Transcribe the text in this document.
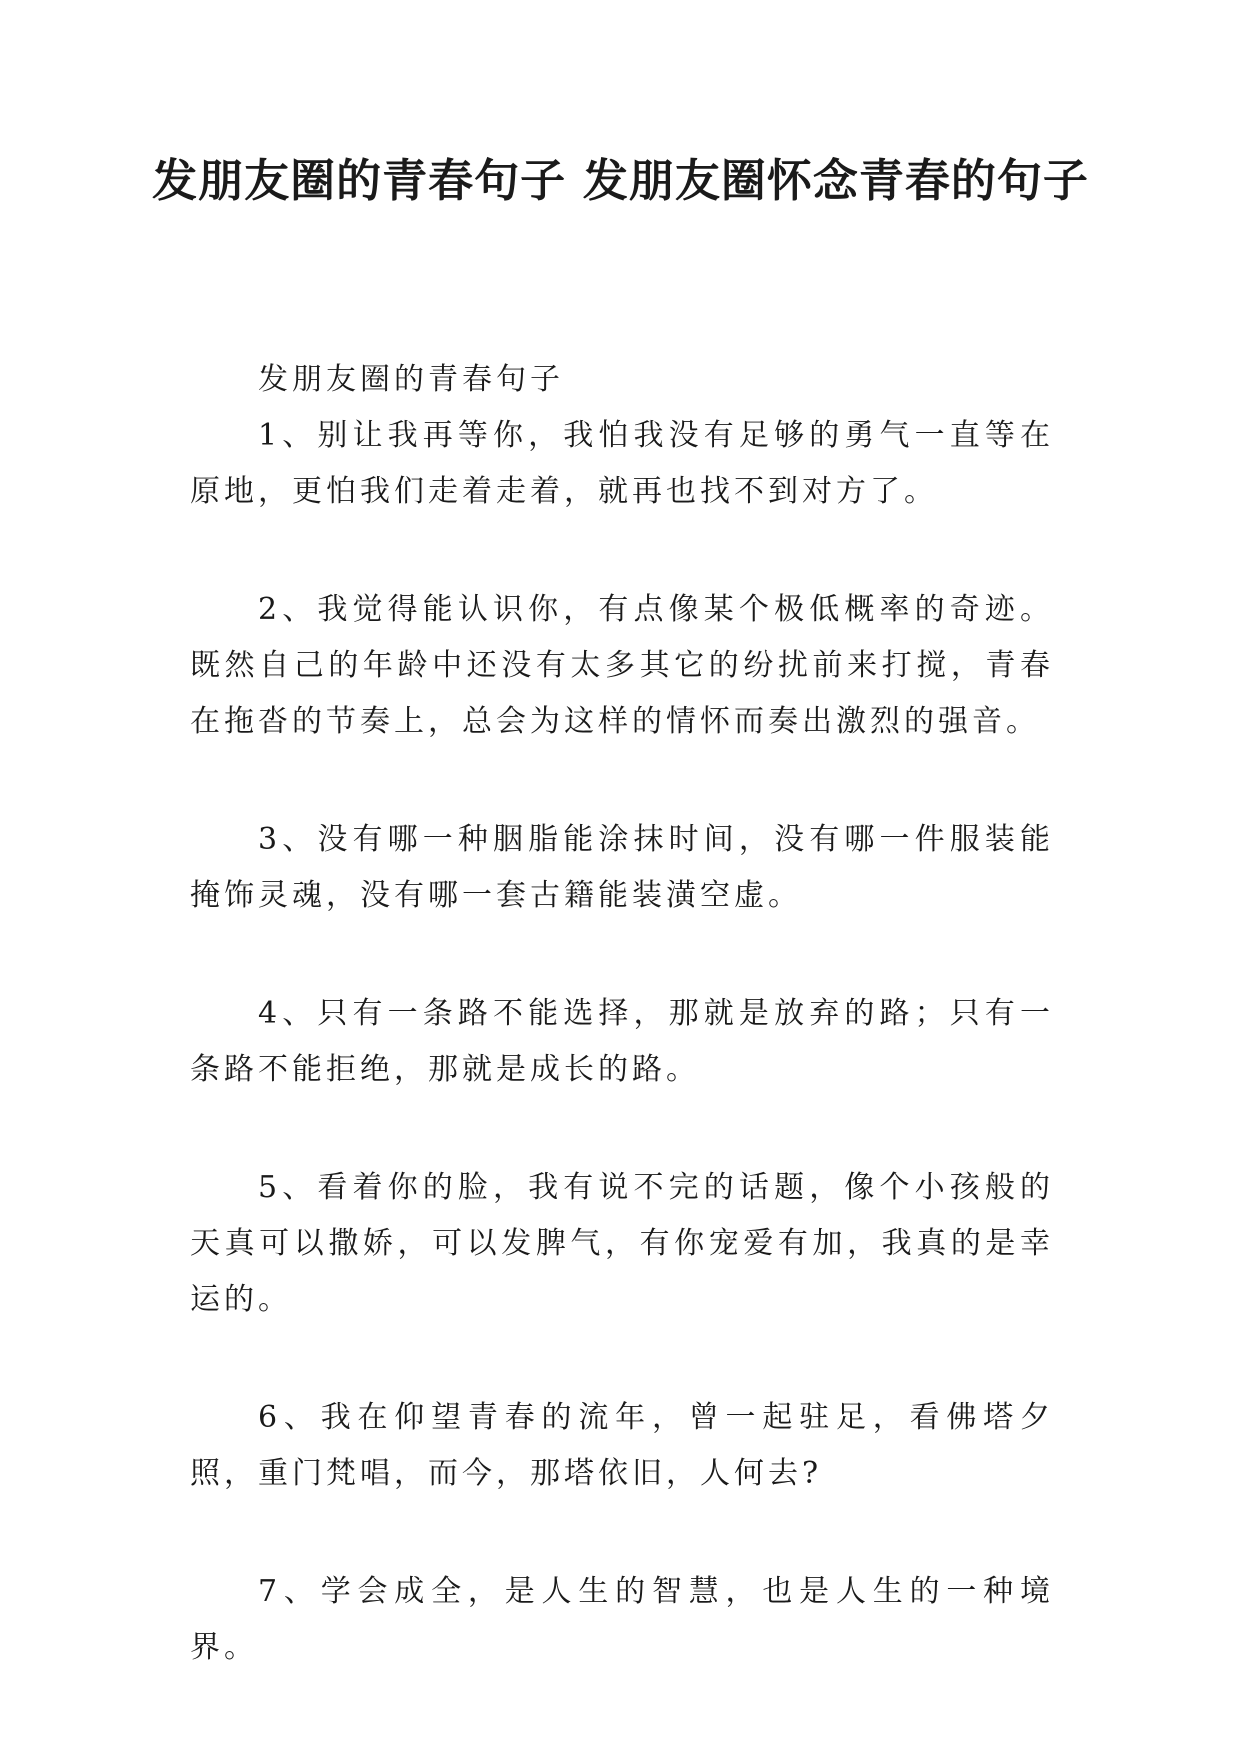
发朋友圈的青春句子 发朋友圈怀念青春的句子

发朋友圈的青春句子

1、别让我再等你，我怕我没有足够的勇气一直等在原地，更怕我们走着走着，就再也找不到对方了。

2、我觉得能认识你，有点像某个极低概率的奇迹。既然自己的年龄中还没有太多其它的纷扰前来打搅，青春在拖沓的节奏上，总会为这样的情怀而奏出激烈的强音。

3、没有哪一种胭脂能涂抹时间，没有哪一件服装能掩饰灵魂，没有哪一套古籍能装潢空虚。

4、只有一条路不能选择，那就是放弃的路；只有一条路不能拒绝，那就是成长的路。

5、看着你的脸，我有说不完的话题，像个小孩般的天真可以撒娇，可以发脾气，有你宠爱有加，我真的是幸运的。

6、我在仰望青春的流年，曾一起驻足，看佛塔夕照，重门梵唱，而今，那塔依旧，人何去?

7、学会成全，是人生的智慧，也是人生的一种境界。
